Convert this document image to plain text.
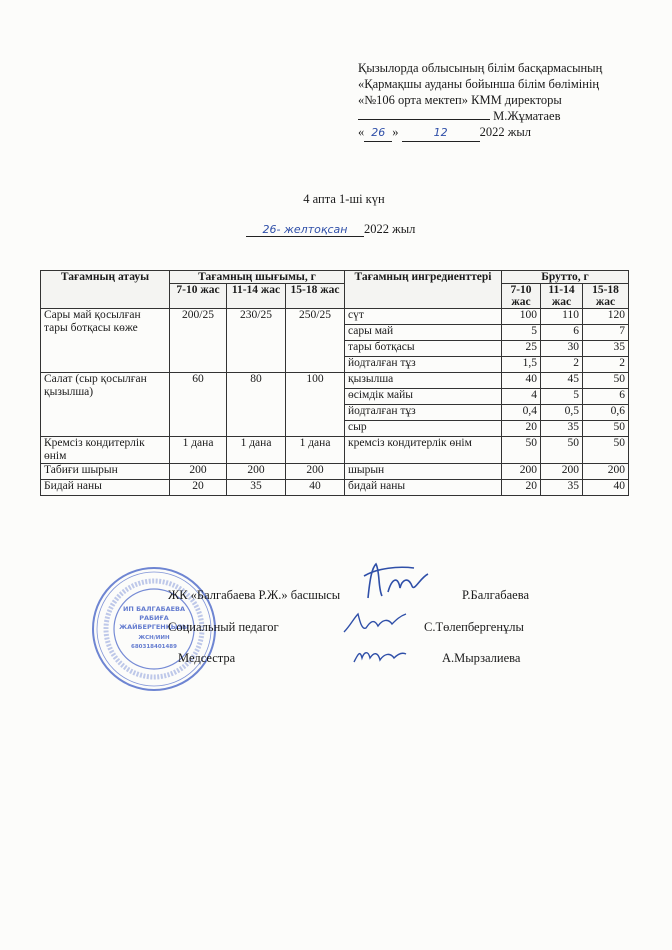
Қызылорда облысының білім басқармасының
«Қармақшы ауданы бойынша білім бөлімінің
«№106 орта мектеп» КММ директоры
М.Жұматаев
« 26 »	12	2022 жыл
4 апта 1-ші күн
26- желтоқсан 2022 жыл
Тағамның атауы	Тағамның шығымы, г			Тағамның ингредиенттері	Брутто, г		
	7-10 жас	11-14 жас	15-18 жас		7-10 жас	11-14 жас	15-18 жас
Сары май қосылған тары ботқасы көже	200/25	230/25	250/25	сүт	100	110	120
				сары май	5	6	7
				тары ботқасы	25	30	35
				йодталған тұз	1,5	2	2
Салат (сыр қосылған қызылша)	60	80	100	қызылша	40	45	50
				өсімдік майы	4	5	6
				йодталған тұз	0,4	0,5	0,6
				сыр	20	35	50
Кремсіз кондитерлік өнім	1 дана	1 дана	1 дана	кремсіз кондитерлік өнім	50	50	50
Табиғи шырын	200	200	200	шырын	200	200	200
Бидай наны	20	35	40	бидай наны	20	35	40
ИП БАЛГАБАЕВА
РАБИҒА
ЖАЙБЕРГЕНҚЫЗЫ
ЖСН/ИИН
680318401489
ЖК «Балгабаева Р.Ж.» басшысы	Р.Балгабаева
Социальный педагог	С.Төлепбергенұлы
Медсестра	А.Мырзалиева
